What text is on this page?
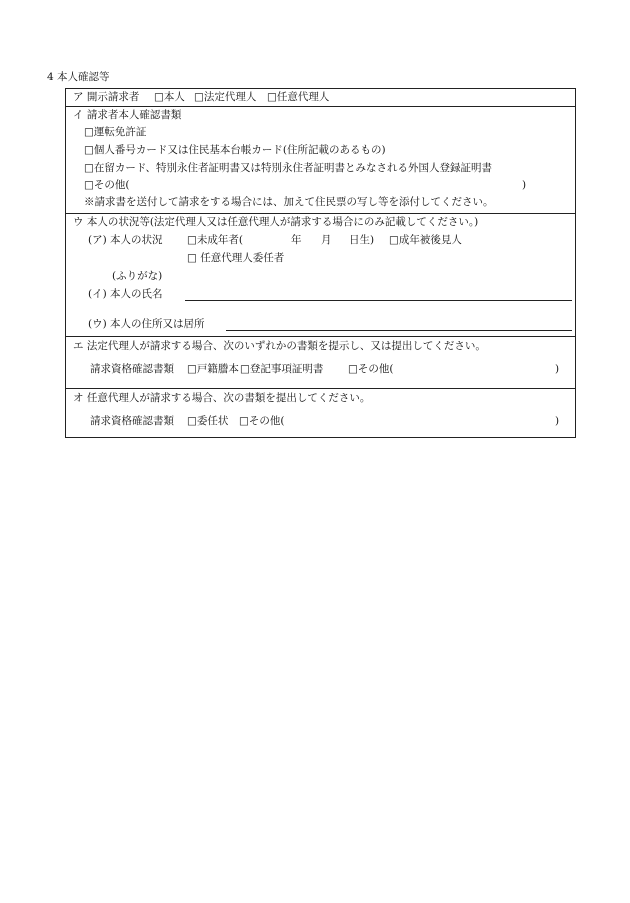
4 本人確認等
ア 開示請求者 □本人 □法定代理人 □任意代理人
イ 請求者本人確認書類
□運転免許証
□個人番号カード又は住民基本台帳カード(住所記載のあるもの)
□在留カード、特別永住者証明書又は特別永住者証明書とみなされる外国人登録証明書
□その他(	)
※請求書を送付して請求をする場合には、加えて住民票の写し等を添付してください。
ウ 本人の状況等(法定代理人又は任意代理人が請求する場合にのみ記載してください。)
(ア) 本人の状況 □未成年者(	年 月 日生) □成年被後見人
□ 任意代理人委任者
(ふりがな)
(イ) 本人の氏名
(ウ) 本人の住所又は居所
エ 法定代理人が請求する場合、次のいずれかの書類を提示し、又は提出してください。
請求資格確認書類 □戸籍謄本 □登記事項証明書 □その他(	)
オ 任意代理人が請求する場合、次の書類を提出してください。
請求資格確認書類 □委任状 □その他(	)
